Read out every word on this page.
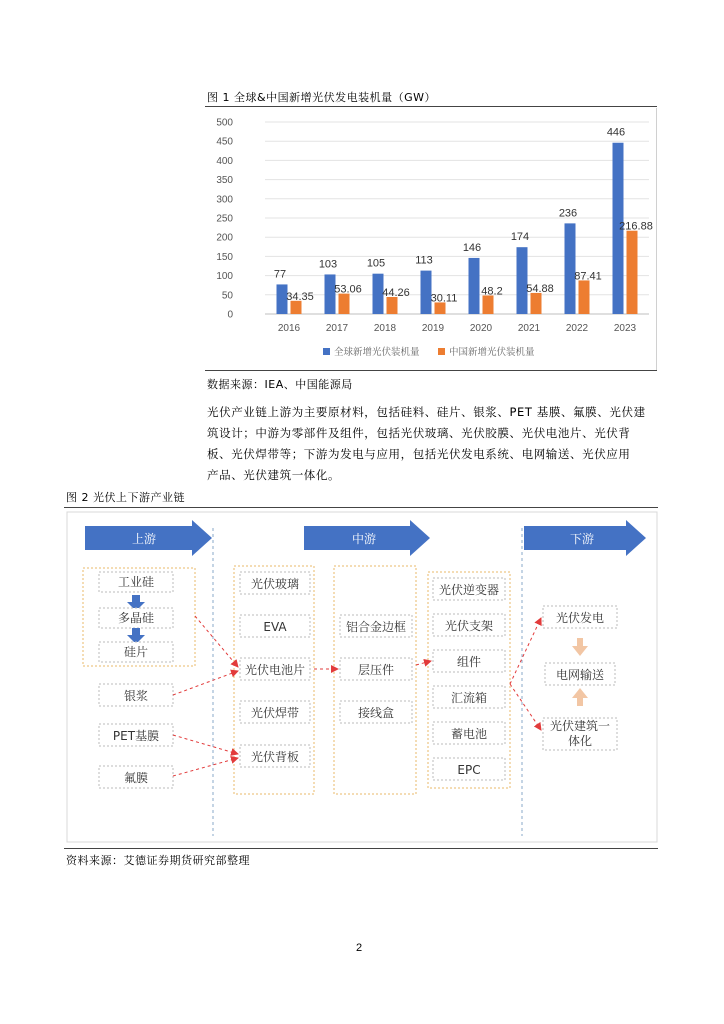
图 1 全球&中国新增光伏发电装机量（GW）
0
50
100
150
200
250
300
350
400
450
500
77
34.35
103
53.06
105
44.26
113
30.11
146
48.2
174
54.88
236
87.41
446
216.88
2016	2017	2018	2019	2020	2021	2022	2023
全球新增光伏装机量	中国新增光伏装机量
数据来源：IEA、中国能源局
光伏产业链上游为主要原材料，包括硅料、硅片、银浆、PET 基膜、氟膜、光伏建
筑设计；中游为零部件及组件，包括光伏玻璃、光伏胶膜、光伏电池片、光伏背
板、光伏焊带等；下游为发电与应用，包括光伏发电系统、电网输送、光伏应用
产品、光伏建筑一体化。
图 2 光伏上下游产业链
上游	中游	下游
工业硅
多晶硅
硅片
银浆
PET基膜
氟膜
光伏玻璃
EVA
光伏电池片
光伏焊带
光伏背板
铝合金边框
层压件
接线盒
光伏逆变器
光伏支架
组件
汇流箱
蓄电池
EPC
光伏发电
电网输送
光伏建筑一体化
资料来源：艾德证券期货研究部整理
2
